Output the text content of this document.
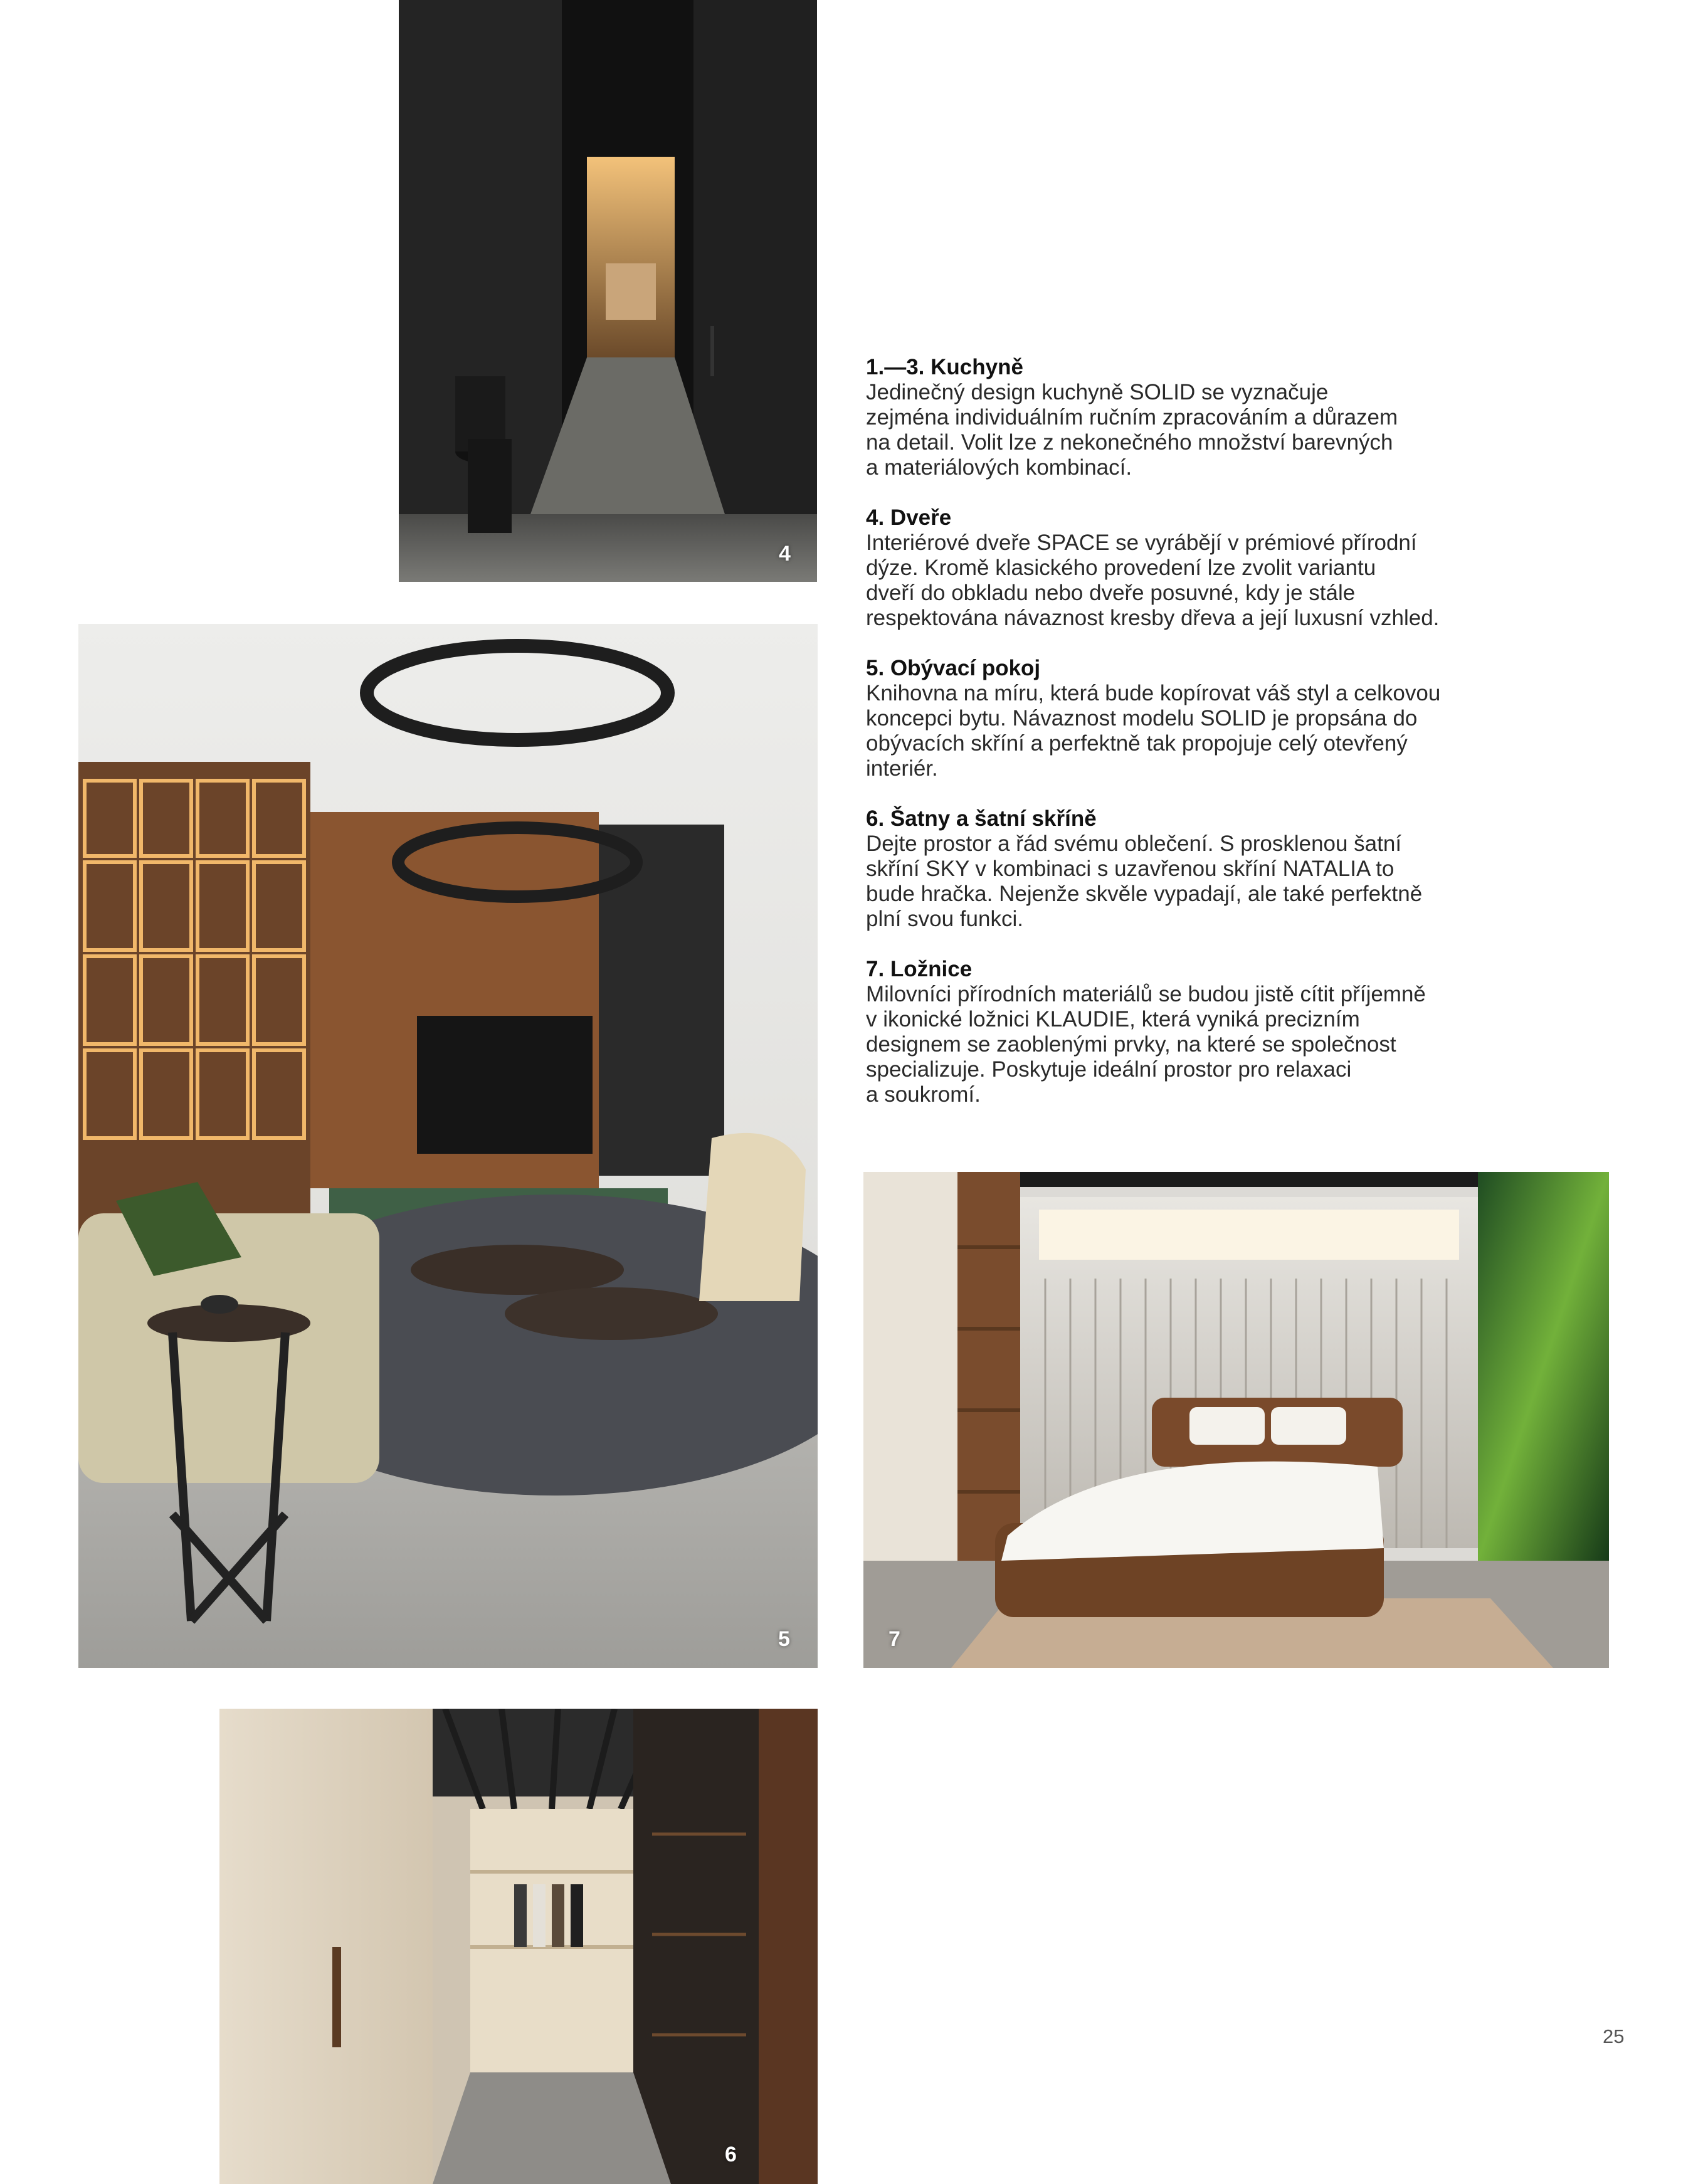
4
5	7
6
1.—3. Kuchyně

Jedinečný design kuchyně SOLID se vyznačuje
zejména individuálním ručním zpracováním a důrazem
na detail. Volit lze z nekonečného množství barevných
a materiálových kombinací.

4. Dveře

Interiérové dveře SPACE se vyrábějí v prémiové přírodní
dýze. Kromě klasického provedení lze zvolit variantu
dveří do obkladu nebo dveře posuvné, kdy je stále
respektována návaznost kresby dřeva a její luxusní vzhled.

5. Obývací pokoj

Knihovna na míru, která bude kopírovat váš styl a celkovou
koncepci bytu. Návaznost modelu SOLID je propsána do
obývacích skříní a perfektně tak propojuje celý otevřený
interiér.

6. Šatny a šatní skříně

Dejte prostor a řád svému oblečení. S prosklenou šatní
skříní SKY v kombinaci s uzavřenou skříní NATALIA to
bude hračka. Nejenže skvěle vypadají, ale také perfektně
plní svou funkci.

7. Ložnice

Milovníci přírodních materiálů se budou jistě cítit příjemně
v ikonické ložnici KLAUDIE, která vyniká precizním
designem se zaoblenými prvky, na které se společnost
specializuje. Poskytuje ideální prostor pro relaxaci
a soukromí.

25
